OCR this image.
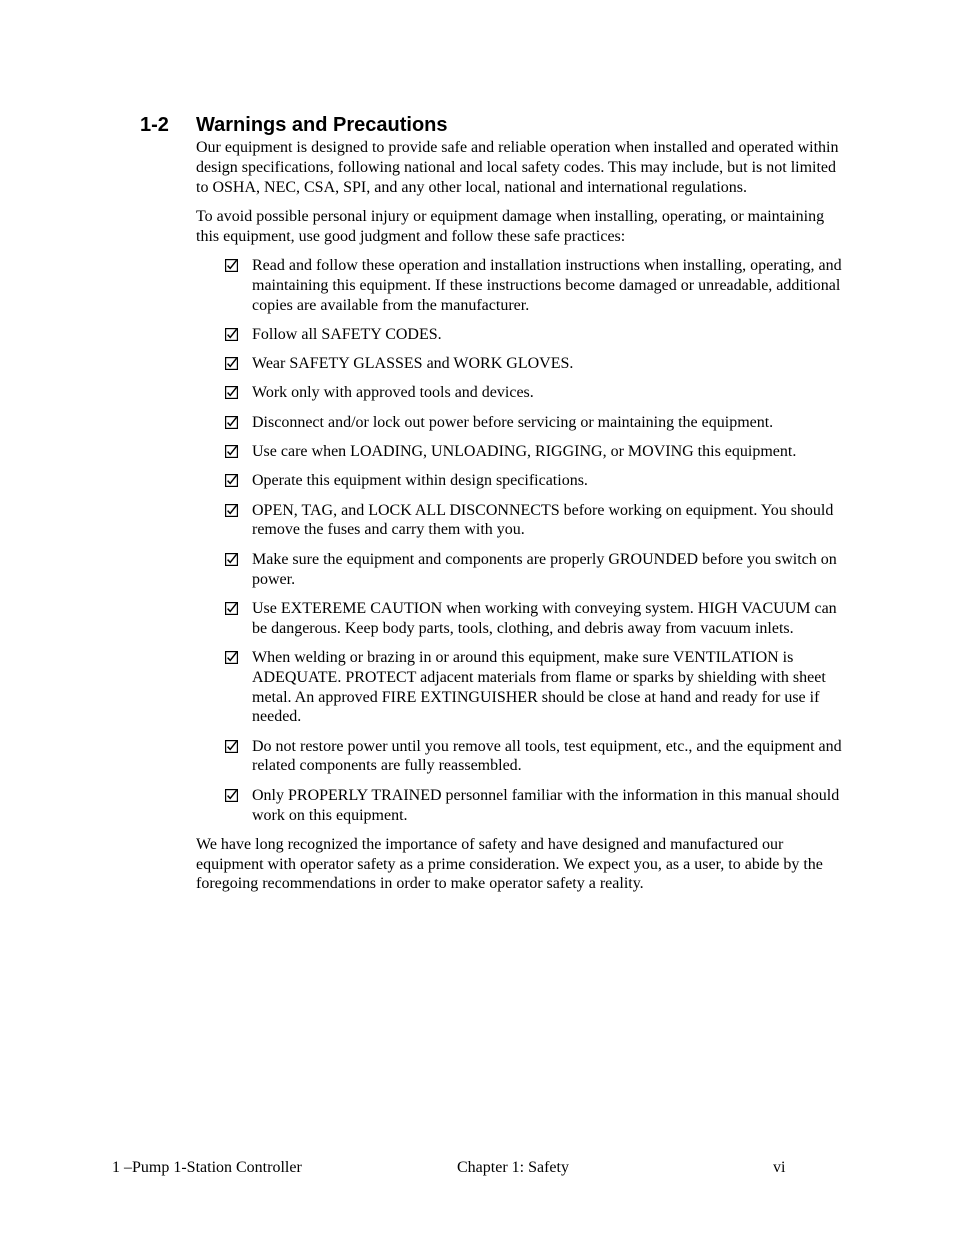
1-2 Warnings and Precautions

Our equipment is designed to provide safe and reliable operation when installed and operated within design specifications, following national and local safety codes. This may include, but is not limited to OSHA, NEC, CSA, SPI, and any other local, national and international regulations.

To avoid possible personal injury or equipment damage when installing, operating, or maintaining this equipment, use good judgment and follow these safe practices:

Read and follow these operation and installation instructions when installing, operating, and maintaining this equipment. If these instructions become damaged or unreadable, additional copies are available from the manufacturer.
Follow all SAFETY CODES.
Wear SAFETY GLASSES and WORK GLOVES.
Work only with approved tools and devices.
Disconnect and/or lock out power before servicing or maintaining the equipment.
Use care when LOADING, UNLOADING, RIGGING, or MOVING this equipment.
Operate this equipment within design specifications.
OPEN, TAG, and LOCK ALL DISCONNECTS before working on equipment. You should remove the fuses and carry them with you.
Make sure the equipment and components are properly GROUNDED before you switch on power.
Use EXTEREME CAUTION when working with conveying system. HIGH VACUUM can be dangerous. Keep body parts, tools, clothing, and debris away from vacuum inlets.
When welding or brazing in or around this equipment, make sure VENTILATION is ADEQUATE. PROTECT adjacent materials from flame or sparks by shielding with sheet metal. An approved FIRE EXTINGUISHER should be close at hand and ready for use if needed.
Do not restore power until you remove all tools, test equipment, etc., and the equipment and related components are fully reassembled.
Only PROPERLY TRAINED personnel familiar with the information in this manual should work on this equipment.

We have long recognized the importance of safety and have designed and manufactured our equipment with operator safety as a prime consideration. We expect you, as a user, to abide by the foregoing recommendations in order to make operator safety a reality.

1 –Pump 1-Station Controller	Chapter 1: Safety	vi
